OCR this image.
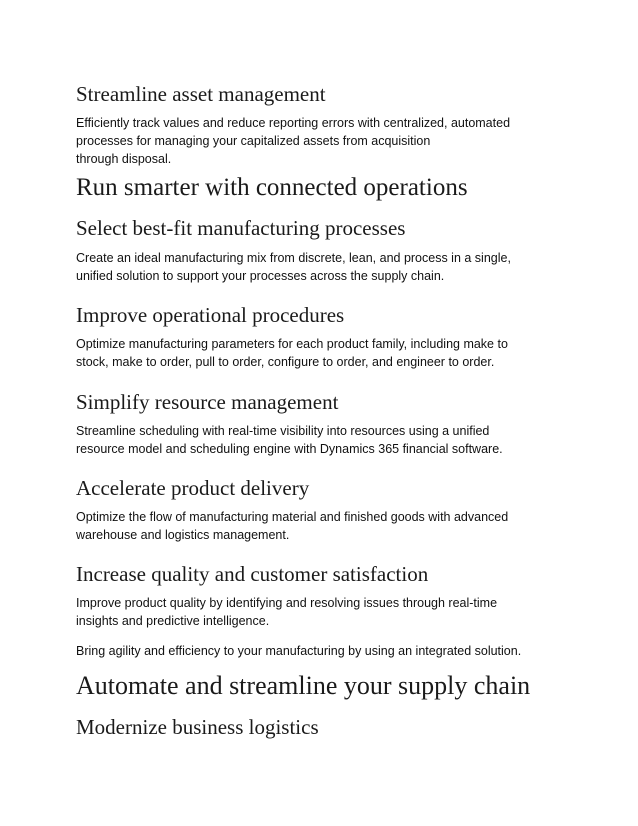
Streamline asset management
Efficiently track values and reduce reporting errors with centralized, automated
processes for managing your capitalized assets from acquisition
through disposal.
Run smarter with connected operations
Select best-fit manufacturing processes
Create an ideal manufacturing mix from discrete, lean, and process in a single,
unified solution to support your processes across the supply chain.
Improve operational procedures
Optimize manufacturing parameters for each product family, including make to
stock, make to order, pull to order, configure to order, and engineer to order.
Simplify resource management
Streamline scheduling with real-time visibility into resources using a unified
resource model and scheduling engine with Dynamics 365 financial software.
Accelerate product delivery
Optimize the flow of manufacturing material and finished goods with advanced
warehouse and logistics management.
Increase quality and customer satisfaction
Improve product quality by identifying and resolving issues through real-time
insights and predictive intelligence.

Bring agility and efficiency to your manufacturing by using an integrated solution.

Automate and streamline your supply chain
Modernize business logistics
